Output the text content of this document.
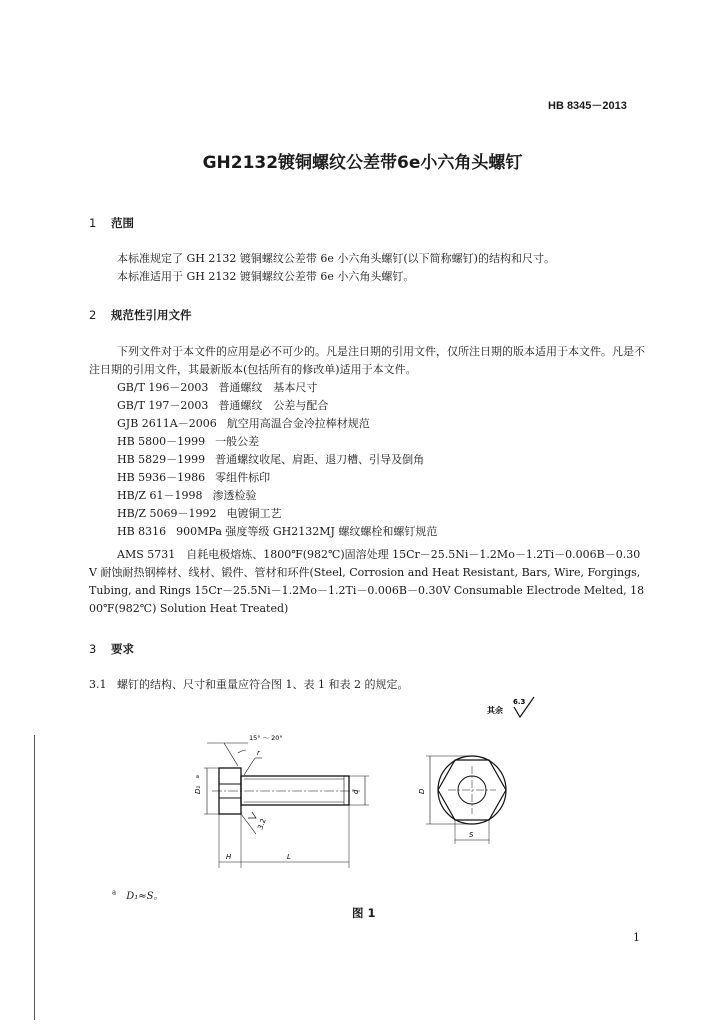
HB 8345－2013
GH2132镀铜螺纹公差带6e小六角头螺钉
1 范围
本标准规定了 GH 2132 镀铜螺纹公差带 6e 小六角头螺钉(以下简称螺钉)的结构和尺寸。
本标准适用于 GH 2132 镀铜螺纹公差带 6e 小六角头螺钉。
2 规范性引用文件
下列文件对于本文件的应用是必不可少的。凡是注日期的引用文件，仅所注日期的版本适用于本文件。凡是不注日期的引用文件，其最新版本(包括所有的修改单)适用于本文件。
GB/T 196－2003 普通螺纹　基本尺寸
GB/T 197－2003 普通螺纹　公差与配合
GJB 2611A－2006 航空用高温合金冷拉棒材规范
HB 5800－1999 一般公差
HB 5829－1999 普通螺纹收尾、肩距、退刀槽、引导及倒角
HB 5936－1986 零组件标印
HB/Z 61－1998 渗透检验
HB/Z 5069－1992 电镀铜工艺
HB 8316 900MPa 强度等级 GH2132MJ 螺纹螺栓和螺钉规范
AMS 5731　 自耗电极熔炼、1800℉(982℃)固溶处理 15Cr－25.5Ni－1.2Mo－1.2Ti－0.006B－0.30V 耐蚀耐热钢棒材、线材、锻件、管材和环件(Steel, Corrosion and Heat Resistant, Bars, Wire, Forgings, Tubing, and Rings 15Cr－25.5Ni－1.2Mo－1.2Ti－0.006B－0.30V Consumable Electrode Melted, 1800℉(982℃) Solution Heat Treated)
3 要求
3.1 螺钉的结构、尺寸和重量应符合图 1、表 1 和表 2 的规定。
其余
6.3
15° ～ 20°
r
D₁
a
d
3.2
H	L
D
S
$^a$　 D₁≈S。
图 1
1
